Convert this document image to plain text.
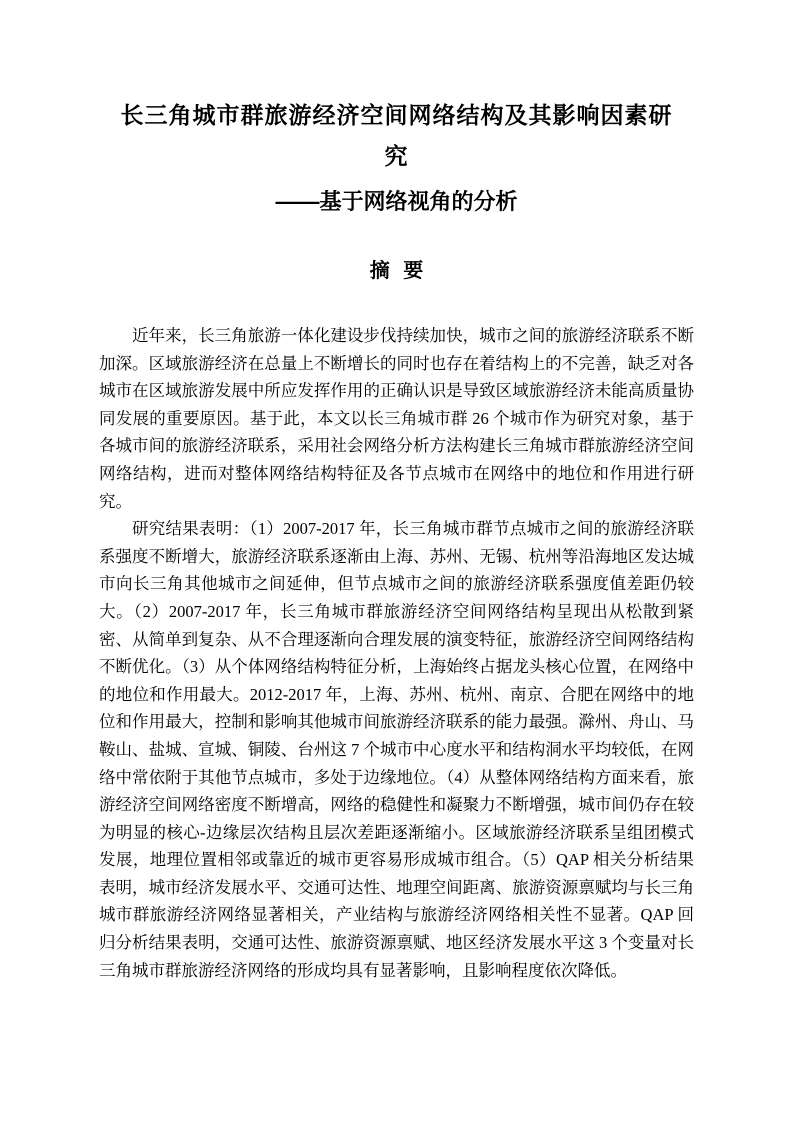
长三角城市群旅游经济空间网络结构及其影响因素研
究
——基于网络视角的分析
摘 要

近年来，长三角旅游一体化建设步伐持续加快，城市之间的旅游经济联系不断加深。区域旅游经济在总量上不断增长的同时也存在着结构上的不完善，缺乏对各城市在区域旅游发展中所应发挥作用的正确认识是导致区域旅游经济未能高质量协同发展的重要原因。基于此，本文以长三角城市群 26 个城市作为研究对象，基于各城市间的旅游经济联系，采用社会网络分析方法构建长三角城市群旅游经济空间网络结构，进而对整体网络结构特征及各节点城市在网络中的地位和作用进行研究。

研究结果表明：（1）2007-2017 年，长三角城市群节点城市之间的旅游经济联系强度不断增大，旅游经济联系逐渐由上海、苏州、无锡、杭州等沿海地区发达城市向长三角其他城市之间延伸，但节点城市之间的旅游经济联系强度值差距仍较大。（2）2007-2017 年，长三角城市群旅游经济空间网络结构呈现出从松散到紧密、从简单到复杂、从不合理逐渐向合理发展的演变特征，旅游经济空间网络结构不断优化。（3）从个体网络结构特征分析，上海始终占据龙头核心位置，在网络中的地位和作用最大。2012-2017 年，上海、苏州、杭州、南京、合肥在网络中的地位和作用最大，控制和影响其他城市间旅游经济联系的能力最强。滁州、舟山、马鞍山、盐城、宣城、铜陵、台州这 7 个城市中心度水平和结构洞水平均较低，在网络中常依附于其他节点城市，多处于边缘地位。（4）从整体网络结构方面来看，旅游经济空间网络密度不断增高，网络的稳健性和凝聚力不断增强，城市间仍存在较为明显的核心-边缘层次结构且层次差距逐渐缩小。区域旅游经济联系呈组团模式发展，地理位置相邻或靠近的城市更容易形成城市组合。（5）QAP 相关分析结果表明，城市经济发展水平、交通可达性、地理空间距离、旅游资源禀赋均与长三角城市群旅游经济网络显著相关，产业结构与旅游经济网络相关性不显著。QAP 回归分析结果表明，交通可达性、旅游资源禀赋、地区经济发展水平这 3 个变量对长三角城市群旅游经济网络的形成均具有显著影响，且影响程度依次降低。
